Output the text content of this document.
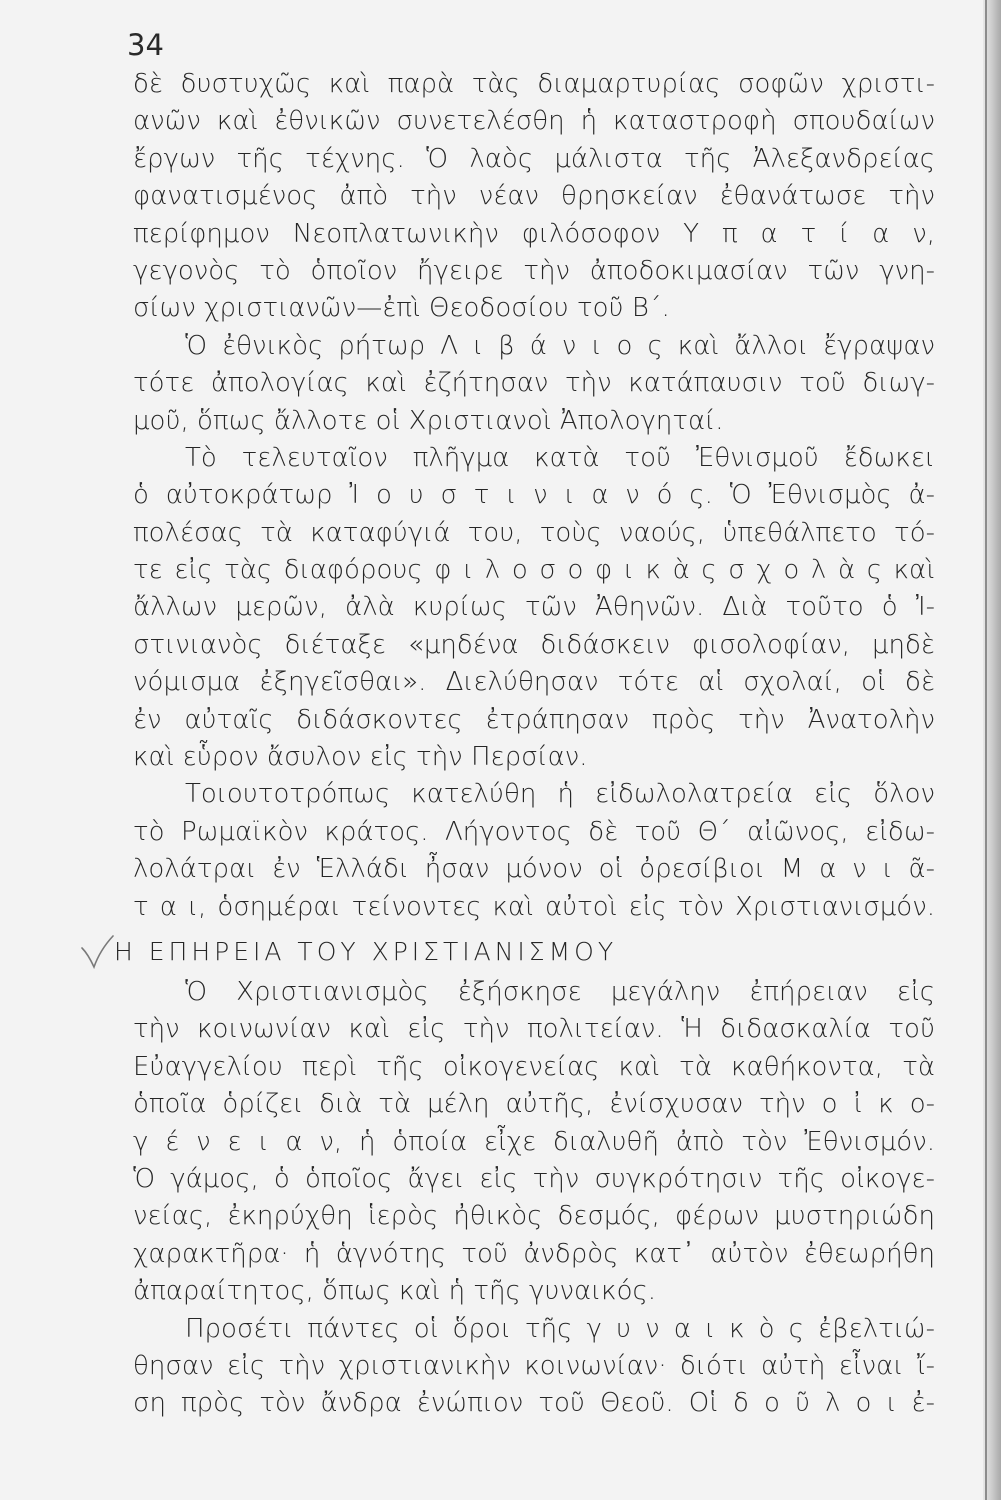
34
δὲ δυστυχῶς καὶ παρὰ τὰς διαμαρτυρίας σοφῶν χριστι-
ανῶν καὶ ἐθνικῶν συνετελέσθη ἡ καταστροφὴ σπουδαίων
ἔργων τῆς τέχνης. Ὁ λαὸς μάλιστα τῆς Ἀλεξανδρείας
φανατισμένος ἀπὸ τὴν νέαν θρησκείαν ἐθανάτωσε τὴν
περίφημον Νεοπλατωνικὴν φιλόσοφον Υ π α τ ί α ν,
γεγονὸς τὸ ὁποῖον ἤγειρε τὴν ἀποδοκιμασίαν τῶν γνη-
σίων χριστιανῶν—ἐπὶ Θεοδοσίου τοῦ Β΄.
Ὁ ἐθνικὸς ρήτωρ Λ ι β ά ν ι ο ς καὶ ἄλλοι ἔγραψαν
τότε ἀπολογίας καὶ ἐζήτησαν τὴν κατάπαυσιν τοῦ διωγ-
μοῦ, ὅπως ἄλλοτε οἱ Χριστιανοὶ Ἀπολογηταί.
Τὸ τελευταῖον πλῆγμα κατὰ τοῦ Ἐθνισμοῦ ἔδωκει
ὁ αὐτοκράτωρ Ἰ ο υ σ τ ι ν ι α ν ό ς. Ὁ Ἐθνισμὸς ἀ-
πολέσας τὰ καταφύγιά του, τοὺς ναούς, ὑπεθάλπετο τό-
τε εἰς τὰς διαφόρους φ ι λ ο σ ο φ ι κ ὰ ς σ χ ο λ ὰ ς καὶ
ἄλλων μερῶν, ἀλὰ κυρίως τῶν Ἀθηνῶν. Διὰ τοῦτο ὁ Ἰ-
στινιανὸς διέταξε «μηδένα διδάσκειν φισολοφίαν, μηδὲ
νόμισμα ἐξηγεῖσθαι». Διελύθησαν τότε αἱ σχολαί, οἱ δὲ
ἐν αὐταῖς διδάσκοντες ἐτράπησαν πρὸς τὴν Ἀνατολὴν
καὶ εὗρον ἄσυλον εἰς τὴν Περσίαν.
Τοιουτοτρόπως κατελύθη ἡ εἰδωλολατρεία εἰς ὅλον
τὸ Ρωμαϊκὸν κράτος. Λήγοντος δὲ τοῦ Θ΄ αἰῶνος, εἰδω-
λολάτραι ἐν Ἑλλάδι ἦσαν μόνον οἱ ὀρεσίβιοι Μ α ν ι ᾶ-
τ α ι, ὁσημέραι τείνοντες καὶ αὐτοὶ εἰς τὸν Χριστιανισμόν.
Η ΕΠΗΡΕΙΑ ΤΟΥ ΧΡΙΣΤΙΑΝΙΣΜΟΥ
Ὁ Χριστιανισμὸς ἐξήσκησε μεγάλην ἐπήρειαν εἰς
τὴν κοινωνίαν καὶ εἰς τὴν πολιτείαν. Ἡ διδασκαλία τοῦ
Εὐαγγελίου περὶ τῆς οἰκογενείας καὶ τὰ καθήκοντα, τὰ
ὁποῖα ὁρίζει διὰ τὰ μέλη αὐτῆς, ἐνίσχυσαν τὴν ο ἰ κ ο-
γ έ ν ε ι α ν, ἡ ὁποία εἶχε διαλυθῆ ἀπὸ τὸν Ἐθνισμόν.
Ὁ γάμος, ὁ ὁποῖος ἄγει εἰς τὴν συγκρότησιν τῆς οἰκογε-
νείας, ἐκηρύχθη ἱερὸς ἠθικὸς δεσμός, φέρων μυστηριώδη
χαρακτῆρα· ἡ ἁγνότης τοῦ ἀνδρὸς κατ᾽ αὐτὸν ἐθεωρήθη
ἀπαραίτητος, ὅπως καὶ ἡ τῆς γυναικός.
Προσέτι πάντες οἱ ὅροι τῆς γ υ ν α ι κ ὸ ς ἐβελτιώ-
θησαν εἰς τὴν χριστιανικὴν κοινωνίαν· διότι αὐτὴ εἶναι ἴ-
ση πρὸς τὸν ἄνδρα ἐνώπιον τοῦ Θεοῦ. Οἱ δ ο ῦ λ ο ι ἐ-
